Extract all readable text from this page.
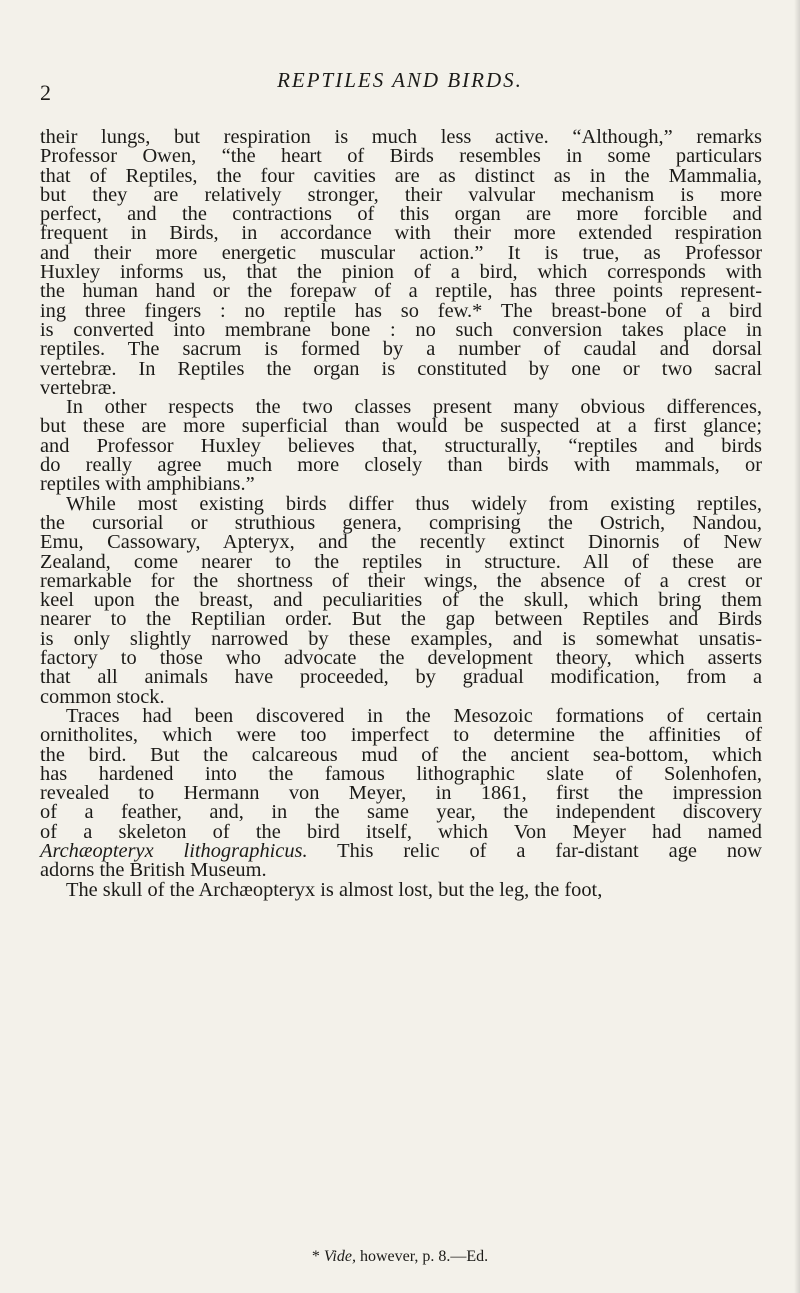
2	REPTILES AND BIRDS.

their lungs, but respiration is much less active. “Although,” remarks
Professor Owen, “the heart of Birds resembles in some particulars
that of Reptiles, the four cavities are as distinct as in the Mammalia,
but they are relatively stronger, their valvular mechanism is more
perfect, and the contractions of this organ are more forcible and
frequent in Birds, in accordance with their more extended respiration
and their more energetic muscular action.” It is true, as Professor
Huxley informs us, that the pinion of a bird, which corresponds with
the human hand or the forepaw of a reptile, has three points represent-
ing three fingers : no reptile has so few.* The breast-bone of a bird
is converted into membrane bone : no such conversion takes place in
reptiles. The sacrum is formed by a number of caudal and dorsal
vertebræ. In Reptiles the organ is constituted by one or two sacral
vertebræ.

In other respects the two classes present many obvious differences,
but these are more superficial than would be suspected at a first glance;
and Professor Huxley believes that, structurally, “reptiles and birds
do really agree much more closely than birds with mammals, or
reptiles with amphibians.”

While most existing birds differ thus widely from existing reptiles,
the cursorial or struthious genera, comprising the Ostrich, Nandou,
Emu, Cassowary, Apteryx, and the recently extinct Dinornis of New
Zealand, come nearer to the reptiles in structure. All of these are
remarkable for the shortness of their wings, the absence of a crest or
keel upon the breast, and peculiarities of the skull, which bring them
nearer to the Reptilian order. But the gap between Reptiles and Birds
is only slightly narrowed by these examples, and is somewhat unsatis-
factory to those who advocate the development theory, which asserts
that all animals have proceeded, by gradual modification, from a
common stock.

Traces had been discovered in the Mesozoic formations of certain
ornitholites, which were too imperfect to determine the affinities of
the bird. But the calcareous mud of the ancient sea-bottom, which
has hardened into the famous lithographic slate of Solenhofen,
revealed to Hermann von Meyer, in 1861, first the impression
of a feather, and, in the same year, the independent discovery
of a skeleton of the bird itself, which Von Meyer had named
Archæopteryx lithographicus. This relic of a far-distant age now
adorns the British Museum.

The skull of the Archæopteryx is almost lost, but the leg, the foot,

* Vide, however, p. 8.—Ed.
